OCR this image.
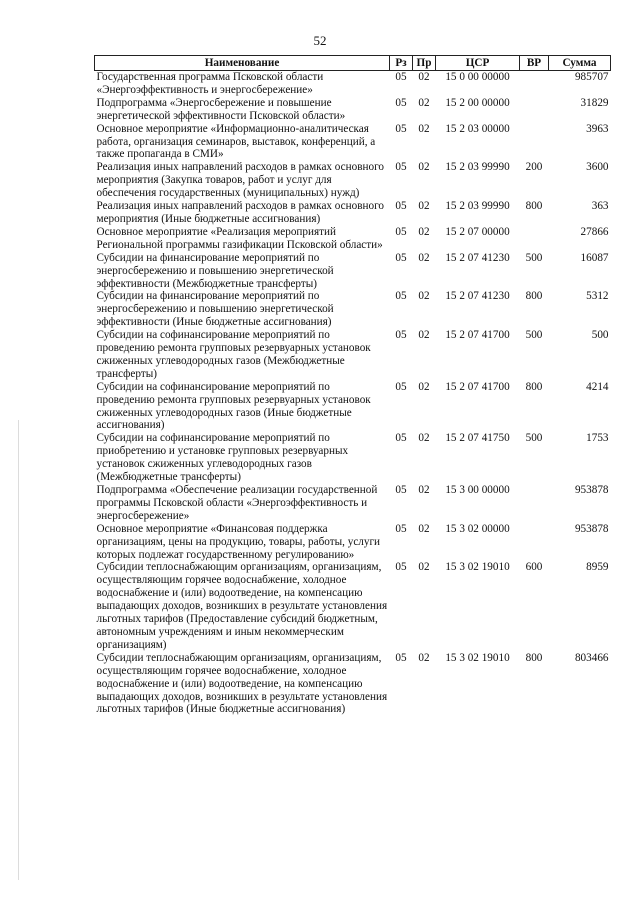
52
Наименование	Рз	Пр	ЦСР	ВР	Сумма
Государственная программа Псковской области «Энергоэффективность и энергосбережение»	05	02	15 0 00 00000		985707
Подпрограмма «Энергосбережение и повышение энергетической эффективности Псковской области»	05	02	15 2 00 00000		31829
Основное мероприятие «Информационно-аналитическая работа, организация семинаров, выставок, конференций, а также пропаганда в СМИ»	05	02	15 2 03 00000		3963
Реализация иных направлений расходов в рамках основного мероприятия (Закупка товаров, работ и услуг для обеспечения государственных (муниципальных) нужд)	05	02	15 2 03 99990	200	3600
Реализация иных направлений расходов в рамках основного мероприятия (Иные бюджетные ассигнования)	05	02	15 2 03 99990	800	363
Основное мероприятие «Реализация мероприятий Региональной программы газификации Псковской области»	05	02	15 2 07 00000		27866
Субсидии на финансирование мероприятий по энергосбережению и повышению энергетической эффективности (Межбюджетные трансферты)	05	02	15 2 07 41230	500	16087
Субсидии на финансирование мероприятий по энергосбережению и повышению энергетической эффективности (Иные бюджетные ассигнования)	05	02	15 2 07 41230	800	5312
Субсидии на софинансирование мероприятий по проведению ремонта групповых резервуарных установок сжиженных углеводородных газов (Межбюджетные трансферты)	05	02	15 2 07 41700	500	500
Субсидии на софинансирование мероприятий по проведению ремонта групповых резервуарных установок сжиженных углеводородных газов (Иные бюджетные ассигнования)	05	02	15 2 07 41700	800	4214
Субсидии на софинансирование мероприятий по приобретению и установке групповых резервуарных установок сжиженных углеводородных газов (Межбюджетные трансферты)	05	02	15 2 07 41750	500	1753
Подпрограмма «Обеспечение реализации государственной программы Псковской области «Энергоэффективность и энергосбережение»	05	02	15 3 00 00000		953878
Основное мероприятие «Финансовая поддержка организациям, цены на продукцию, товары, работы, услуги которых подлежат государственному регулированию»	05	02	15 3 02 00000		953878
Субсидии теплоснабжающим организациям, организациям, осуществляющим горячее водоснабжение, холодное водоснабжение и (или) водоотведение, на компенсацию выпадающих доходов, возникших в результате установления льготных тарифов (Предоставление субсидий бюджетным, автономным учреждениям и иным некоммерческим организациям)	05	02	15 3 02 19010	600	8959
Субсидии теплоснабжающим организациям, организациям, осуществляющим горячее водоснабжение, холодное водоснабжение и (или) водоотведение, на компенсацию выпадающих доходов, возникших в результате установления льготных тарифов (Иные бюджетные ассигнования)	05	02	15 3 02 19010	800	803466
